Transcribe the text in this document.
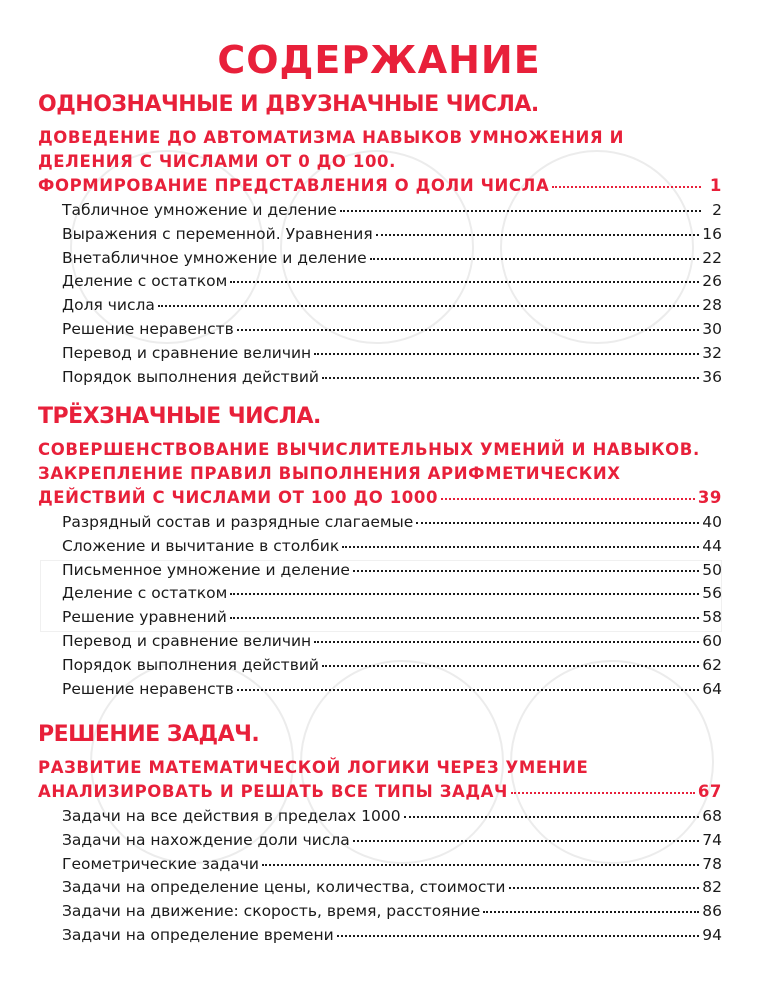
СОДЕРЖАНИЕ
ОДНОЗНАЧНЫЕ И ДВУЗНАЧНЫЕ ЧИСЛА.
ДОВЕДЕНИЕ ДО АВТОМАТИЗМА НАВЫКОВ УМНОЖЕНИЯ И
ДЕЛЕНИЯ С ЧИСЛАМИ ОТ 0 ДО 100.
ФОРМИРОВАНИЕ ПРЕДСТАВЛЕНИЯ О ДОЛИ ЧИСЛА	1
Табличное умножение и деление	2
Выражения с переменной. Уравнения	16
Внетабличное умножение и деление	22
Деление с остатком	26
Доля числа	28
Решение неравенств	30
Перевод и сравнение величин	32
Порядок выполнения действий	36
ТРЁХЗНАЧНЫЕ ЧИСЛА.
СОВЕРШЕНСТВОВАНИЕ ВЫЧИСЛИТЕЛЬНЫХ УМЕНИЙ И НАВЫКОВ.
ЗАКРЕПЛЕНИЕ ПРАВИЛ ВЫПОЛНЕНИЯ АРИФМЕТИЧЕСКИХ
ДЕЙСТВИЙ С ЧИСЛАМИ ОТ 100 ДО 1000	39
Разрядный состав и разрядные слагаемые	40
Сложение и вычитание в столбик	44
Письменное умножение и деление	50
Деление с остатком	56
Решение уравнений	58
Перевод и сравнение величин	60
Порядок выполнения действий	62
Решение неравенств	64
РЕШЕНИЕ ЗАДАЧ.
РАЗВИТИЕ МАТЕМАТИЧЕСКОЙ ЛОГИКИ ЧЕРЕЗ УМЕНИЕ
АНАЛИЗИРОВАТЬ И РЕШАТЬ ВСЕ ТИПЫ ЗАДАЧ	67
Задачи на все действия в пределах 1000	68
Задачи на нахождение доли числа	74
Геометрические задачи	78
Задачи на определение цены, количества, стоимости	82
Задачи на движение: скорость, время, расстояние	86
Задачи на определение времени	94
